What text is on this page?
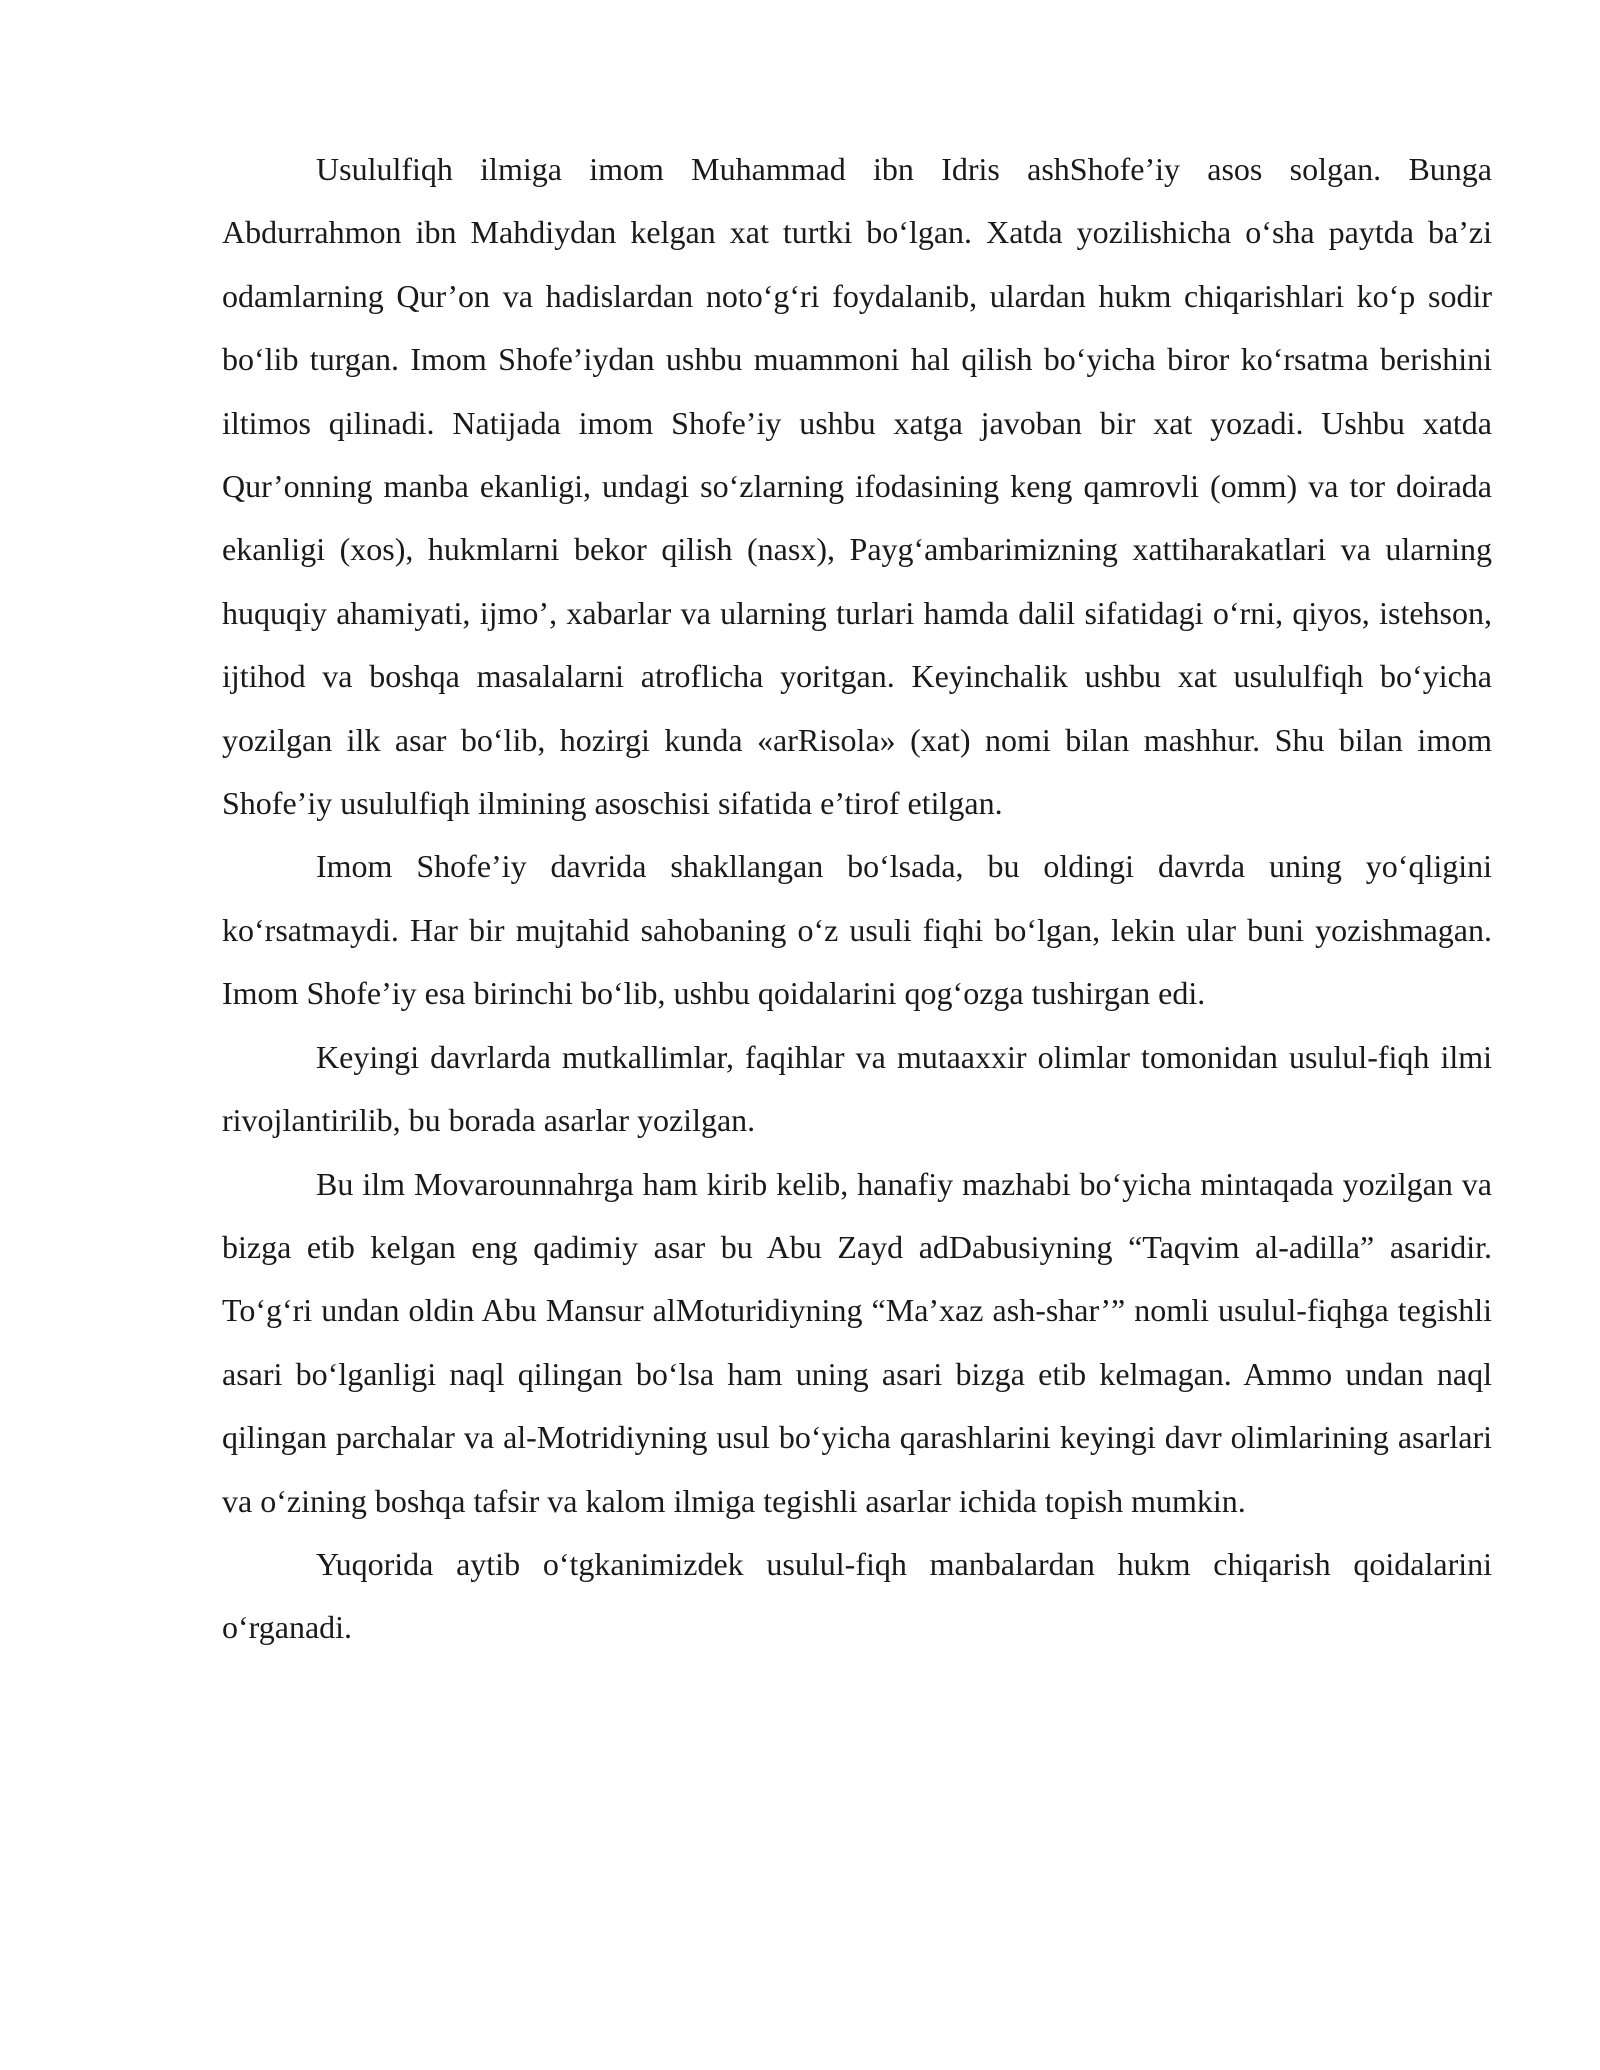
Usululfiqh ilmiga imom Muhammad ibn Idris ashShofe’iy asos solgan. Bunga Abdurrahmon ibn Mahdiydan kelgan xat turtki bo‘lgan. Xatda yozilishicha o‘sha paytda ba’zi odamlarning Qur’on va hadislardan noto‘g‘ri foydalanib, ulardan hukm chiqarishlari ko‘p sodir bo‘lib turgan. Imom Shofe’iydan ushbu muammoni hal qilish bo‘yicha biror ko‘rsatma berishini iltimos qilinadi. Natijada imom Shofe’iy ushbu xatga javoban bir xat yozadi. Ushbu xatda Qur’onning manba ekanligi, undagi so‘zlarning ifodasining keng qamrovli (omm) va tor doirada ekanligi (xos), hukmlarni bekor qilish (nasx), Payg‘ambarimizning xattiharakatlari va ularning huquqiy ahamiyati, ijmo’, xabarlar va ularning turlari hamda dalil sifatidagi o‘rni, qiyos, istehson, ijtihod va boshqa masalalarni atroflicha yoritgan. Keyinchalik ushbu xat usululfiqh bo‘yicha yozilgan ilk asar bo‘lib, hozirgi kunda «arRisola» (xat) nomi bilan mashhur. Shu bilan imom Shofe’iy usululfiqh ilmining asoschisi sifatida e’tirof etilgan.

Imom Shofe’iy davrida shakllangan bo‘lsada, bu oldingi davrda uning yo‘qligini ko‘rsatmaydi. Har bir mujtahid sahobaning o‘z usuli fiqhi bo‘lgan, lekin ular buni yozishmagan. Imom Shofe’iy esa birinchi bo‘lib, ushbu qoidalarini qog‘ozga tushirgan edi.

Keyingi davrlarda mutkallimlar, faqihlar va mutaaxxir olimlar tomonidan usulul-fiqh ilmi rivojlantirilib, bu borada asarlar yozilgan.

Bu ilm Movarounnahrga ham kirib kelib, hanafiy mazhabi bo‘yicha mintaqada yozilgan va bizga etib kelgan eng qadimiy asar bu Abu Zayd adDabusiyning “Taqvim al-adilla” asaridir. To‘g‘ri undan oldin Abu Mansur alMoturidiyning “Ma’xaz ash-shar’” nomli usulul-fiqhga tegishli asari bo‘lganligi naql qilingan bo‘lsa ham uning asari bizga etib kelmagan. Ammo undan naql qilingan parchalar va al-Motridiyning usul bo‘yicha qarashlarini keyingi davr olimlarining asarlari va o‘zining boshqa tafsir va kalom ilmiga tegishli asarlar ichida topish mumkin.

Yuqorida aytib o‘tgkanimizdek usulul-fiqh manbalardan hukm chiqarish qoidalarini o‘rganadi.
